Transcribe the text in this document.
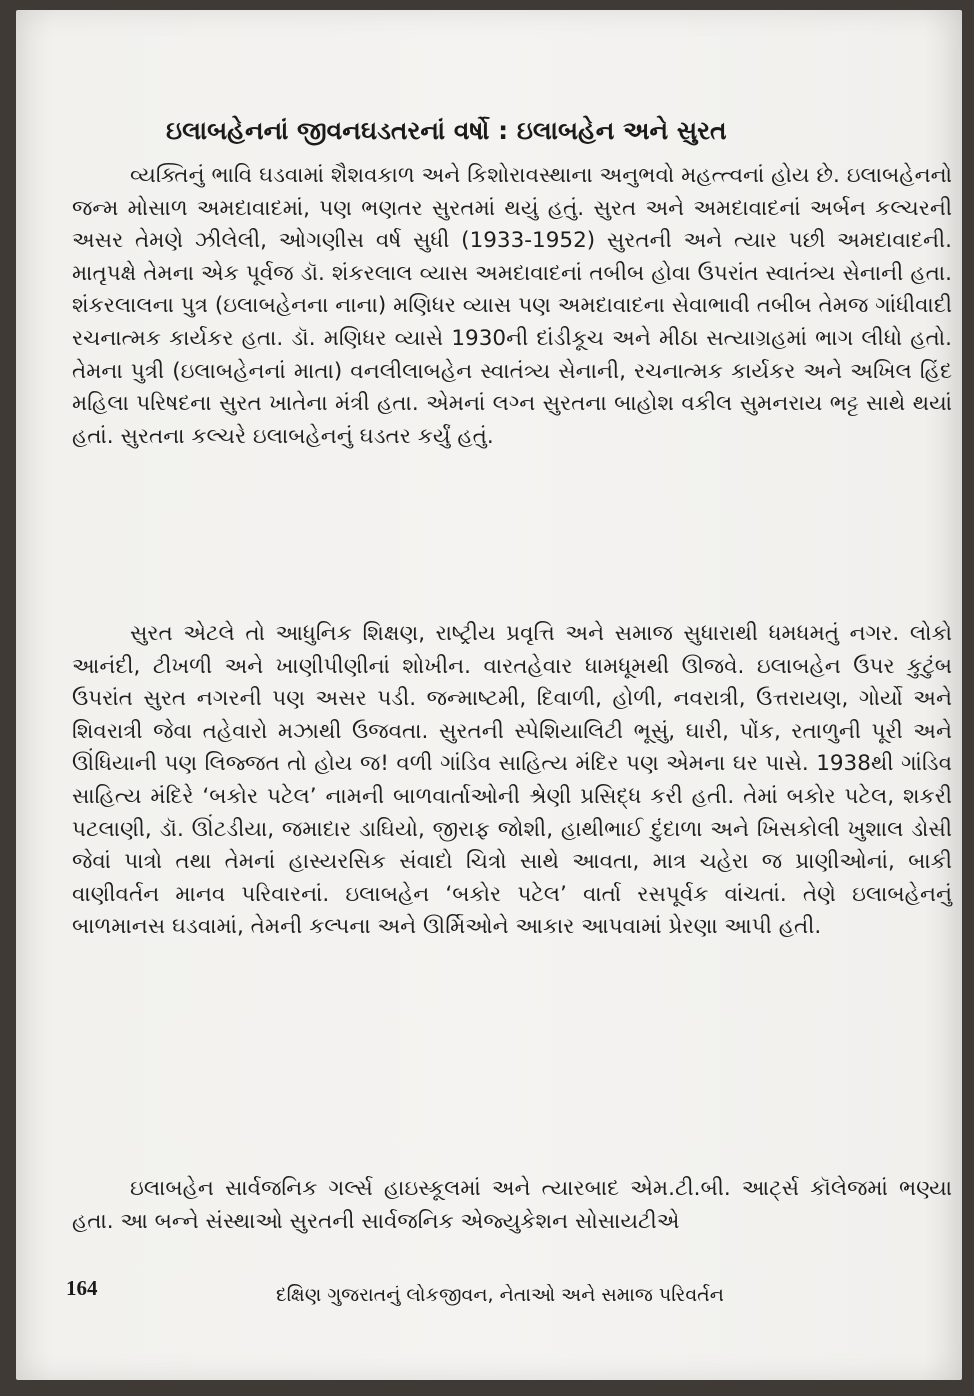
ઇલાબહેનનાં જીવનઘડતરનાં વર્ષો : ઇલાબહેન અને સુરત

વ્યક્તિનું ભાવિ ઘડવામાં શૈશવકાળ અને કિશોરાવસ્થાના અનુભવો મહત્ત્વનાં હોય છે. ઇલાબહેનનો જન્મ મોસાળ અમદાવાદમાં, પણ ભણતર સુરતમાં થયું હતું. સુરત અને અમદાવાદનાં અર્બન કલ્ચરની અસર તેમણે ઝીલેલી, ઓગણીસ વર્ષ સુધી (1933-1952) સુરતની અને ત્યાર પછી અમદાવાદની. માતૃપક્ષે તેમના એક પૂર્વજ ડૉ. શંકરલાલ વ્યાસ અમદાવાદનાં તબીબ હોવા ઉપરાંત સ્વાતંત્ર્ય સેનાની હતા. શંકરલાલના પુત્ર (ઇલાબહેનના નાના) મણિધર વ્યાસ પણ અમદાવાદના સેવાભાવી તબીબ તેમજ ગાંધીવાદી રચનાત્મક કાર્યકર હતા. ડૉ. મણિધર વ્યાસે 1930ની દાંડીકૂચ અને મીઠા સત્યાગ્રહમાં ભાગ લીધો હતો. તેમના પુત્રી (ઇલાબહેનનાં માતા) વનલીલાબહેન સ્વાતંત્ર્ય સેનાની, રચનાત્મક કાર્યકર અને અખિલ હિંદ મહિલા પરિષદના સુરત ખાતેના મંત્રી હતા. એમનાં લગ્ન સુરતના બાહોશ વકીલ સુમનરાય ભટ્ટ સાથે થયાં હતાં. સુરતના કલ્ચરે ઇલાબહેનનું ઘડતર કર્યું હતું.

સુરત એટલે તો આધુનિક શિક્ષણ, રાષ્ટ્રીય પ્રવૃત્તિ અને સમાજ સુધારાથી ધમધમતું નગર. લોકો આનંદી, ટીખળી અને ખાણીપીણીનાં શોખીન. વારતહેવાર ધામધૂમથી ઊજવે. ઇલાબહેન ઉપર કુટુંબ ઉપરાંત સુરત નગરની પણ અસર પડી. જન્માષ્ટમી, દિવાળી, હોળી, નવરાત્રી, ઉત્તરાયણ, ગોર્યો અને શિવરાત્રી જેવા તહેવારો મઝાથી ઉજવતા. સુરતની સ્પેશિયાલિટી ભૂસું, ઘારી, પોંક, રતાળુની પૂરી અને ઊંધિયાની પણ લિજ્જત તો હોય જ! વળી ગાંડિવ સાહિત્ય મંદિર પણ એમના ઘર પાસે. 1938થી ગાંડિવ સાહિત્ય મંદિરે ‘બકોર પટેલ’ નામની બાળવાર્તાઓની શ્રેણી પ્રસિદ્ધ કરી હતી. તેમાં બકોર પટેલ, શકરી પટલાણી, ડૉ. ઊંટડીયા, જમાદાર ડાઘિયો, જીરાફ જોશી, હાથીભાઈ દુંદાળા અને ખિસકોલી ખુશાલ ડોસી જેવાં પાત્રો તથા તેમનાં હાસ્યરસિક સંવાદો ચિત્રો સાથે આવતા, માત્ર ચહેરા જ પ્રાણીઓનાં, બાકી વાણીવર્તન માનવ પરિવારનાં. ઇલાબહેન ‘બકોર પટેલ’ વાર્તા રસપૂર્વક વાંચતાં. તેણે ઇલાબહેનનું બાળમાનસ ઘડવામાં, તેમની કલ્પના અને ઊર્મિઓને આકાર આપવામાં પ્રેરણા આપી હતી.

ઇલાબહેન સાર્વજનિક ગર્લ્સ હાઇસ્કૂલમાં અને ત્યારબાદ એમ.ટી.બી. આર્ટ્સ કૉલેજમાં ભણ્યા હતા. આ બન્ને સંસ્થાઓ સુરતની સાર્વજનિક એજ્યુકેશન સોસાયટીએ

164	દક્ષિણ ગુજરાતનું લોકજીવન, નેતાઓ અને સમાજ પરિવર્તન
